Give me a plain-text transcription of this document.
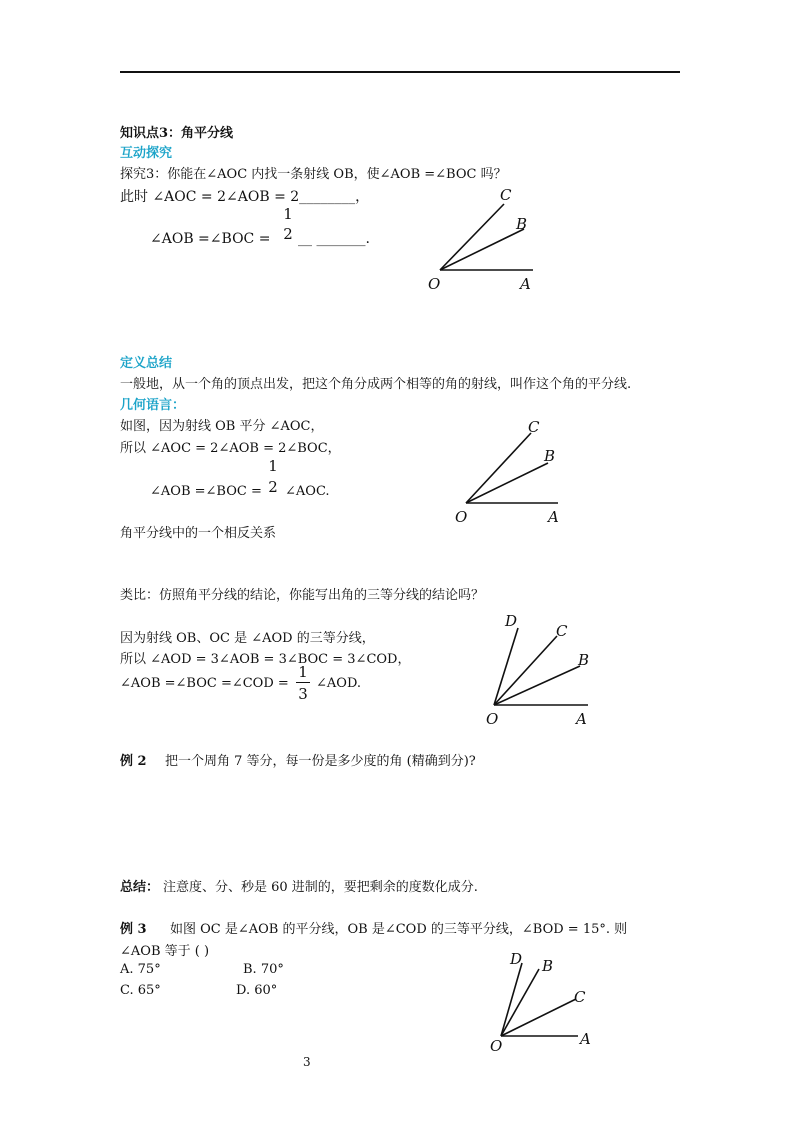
知识点3：角平分线
互动探究
探究3：你能在∠AOC 内找一条射线 OB，使∠AOB =∠BOC 吗？
此时 ∠AOC = 2∠AOB = 2________，
∠AOB =∠BOC =
1
2 __ _______.
C
B
O	A
定义总结
一般地，从一个角的顶点出发，把这个角分成两个相等的角的射线，叫作这个角的平分线.
几何语言：
如图，因为射线 OB 平分 ∠AOC，
所以 ∠AOC = 2∠AOB = 2∠BOC，
∠AOB =∠BOC =
1
2 ∠AOC.
角平分线中的一个相反关系
C
B
O	A
类比：仿照角平分线的结论，你能写出角的三等分线的结论吗？
因为射线 OB、OC 是 ∠AOD 的三等分线，
所以 ∠AOD = 3∠AOB = 3∠BOC = 3∠COD，
∠AOB =∠BOC =∠COD =
1
3
∠AOD.
D
C
B
O	A
例 2 把一个周角 7 等分，每一份是多少度的角 (精确到分)?
总结： 注意度、分、秒是 60 进制的，要把剩余的度数化成分.
例 3 如图 OC 是∠AOB 的平分线，OB 是∠COD 的三等平分线，∠BOD = 15°. 则
∠AOB 等于 ( )
A. 75°	B. 70°
C. 65°	D. 60°
D B
C
O	A
3
